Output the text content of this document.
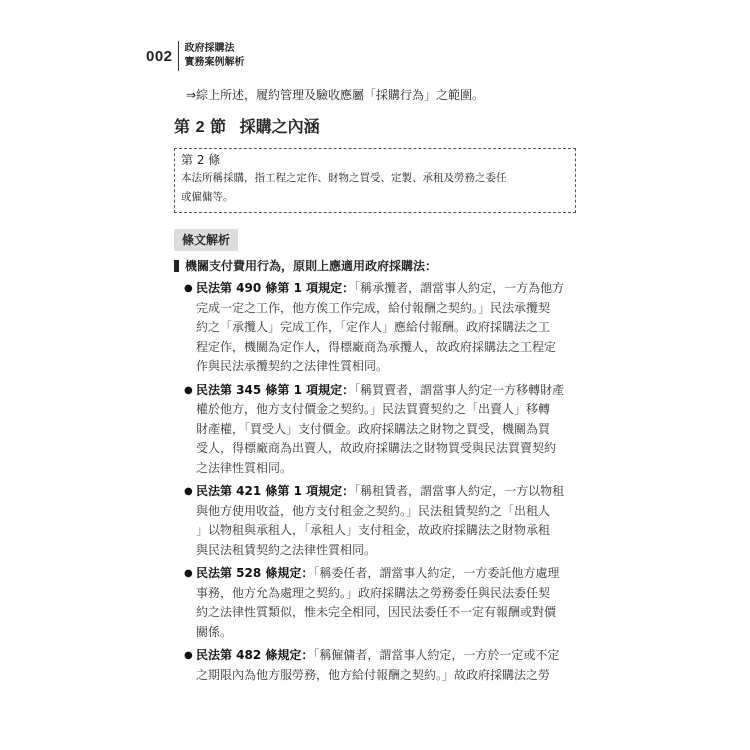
002 政府採購法
實務案例解析
⇒綜上所述，履約管理及驗收應屬「採購行為」之範圍。
第 2 節 採購之內涵
第 2 條
本法所稱採購，指工程之定作、財物之買受、定製、承租及勞務之委任
或僱傭等。
條文解析
機關支付費用行為，原則上應適用政府採購法：
● 民法第 490 條第 1 項規定：「稱承攬者，謂當事人約定，一方為他方
完成一定之工作，他方俟工作完成，給付報酬之契約。」民法承攬契
約之「承攬人」完成工作，「定作人」應給付報酬。政府採購法之工
程定作，機關為定作人，得標廠商為承攬人，故政府採購法之工程定
作與民法承攬契約之法律性質相同。
● 民法第 345 條第 1 項規定：「稱買賣者，謂當事人約定一方移轉財產
權於他方，他方支付價金之契約。」民法買賣契約之「出賣人」移轉
財產權，「買受人」支付價金。政府採購法之財物之買受，機關為買
受人，得標廠商為出賣人，故政府採購法之財物買受與民法買賣契約
之法律性質相同。
● 民法第 421 條第 1 項規定：「稱租賃者，謂當事人約定，一方以物租
與他方使用收益，他方支付租金之契約。」民法租賃契約之「出租人
」以物租與承租人，「承租人」支付租金，故政府採購法之財物承租
與民法租賃契約之法律性質相同。
● 民法第 528 條規定：「稱委任者，謂當事人約定，一方委託他方處理
事務，他方允為處理之契約。」政府採購法之勞務委任與民法委任契
約之法律性質類似，惟未完全相同，因民法委任不一定有報酬或對價
關係。
● 民法第 482 條規定：「稱僱傭者，謂當事人約定，一方於一定或不定
之期限內為他方服勞務，他方給付報酬之契約。」故政府採購法之勞
